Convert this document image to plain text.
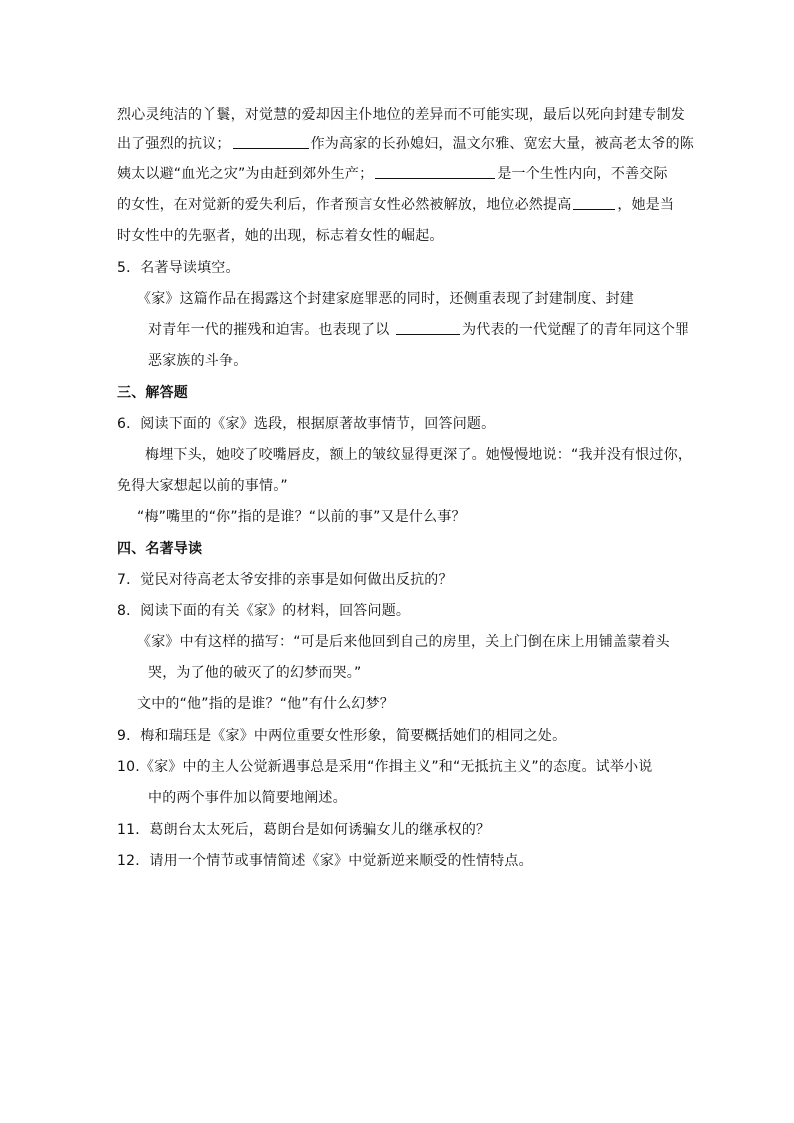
烈心灵纯洁的丫鬟，对觉慧的爱却因主仆地位的差异而不可能实现，最后以死向封建专制发
出了强烈的抗议；	作为高家的长孙媳妇，温文尔雅、宽宏大量，被高老太爷的陈
姨太以避“血光之灾”为由赶到郊外生产；	是一个生性内向，不善交际
的女性，在对觉新的爱失利后，作者预言女性必然被解放，地位必然提高	，她是当
时女性中的先驱者，她的出现，标志着女性的崛起。
5．名著导读填空。
《家》这篇作品在揭露这个封建家庭罪恶的同时，还侧重表现了封建制度、封建
对青年一代的摧残和迫害。也表现了以	为代表的一代觉醒了的青年同这个罪
恶家族的斗争。
三、解答题
6．阅读下面的《家》选段，根据原著故事情节，回答问题。
梅埋下头，她咬了咬嘴唇皮，额上的皱纹显得更深了。她慢慢地说：“我并没有恨过你，
免得大家想起以前的事情。”
“梅”嘴里的“你”指的是谁？“以前的事”又是什么事？
四、名著导读
7．觉民对待高老太爷安排的亲事是如何做出反抗的？
8．阅读下面的有关《家》的材料，回答问题。
《家》中有这样的描写：“可是后来他回到自己的房里，关上门倒在床上用铺盖蒙着头
哭，为了他的破灭了的幻梦而哭。”
文中的“他”指的是谁？“他”有什么幻梦？
9．梅和瑞珏是《家》中两位重要女性形象，简要概括她们的相同之处。
10.《家》中的主人公觉新遇事总是采用“作揖主义”和“无抵抗主义”的态度。试举小说
中的两个事件加以简要地阐述。
11．葛朗台太太死后，葛朗台是如何诱骗女儿的继承权的？
12．请用一个情节或事情简述《家》中觉新逆来顺受的性情特点。
